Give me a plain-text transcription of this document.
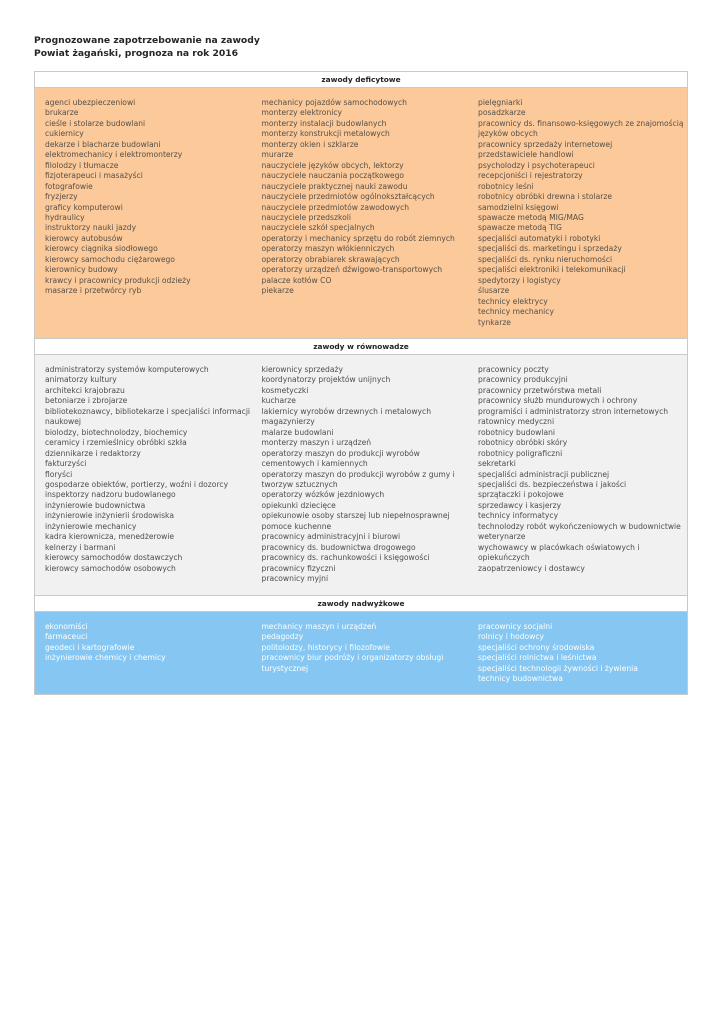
Prognozowane zapotrzebowanie na zawody
Powiat żagański, prognoza na rok 2016
zawody deficytowe
agenci ubezpieczeniowi
brukarze
cieśle i stolarze budowlani
cukiernicy
dekarze i blacharze budowlani
elektromechanicy i elektromonterzy
filolodzy i tłumacze
fizjoterapeuci i masażyści
fotografowie
fryzjerzy
graficy komputerowi
hydraulicy
instruktorzy nauki jazdy
kierowcy autobusów
kierowcy ciągnika siodłowego
kierowcy samochodu ciężarowego
kierownicy budowy
krawcy i pracownicy produkcji odzieży
masarze i przetwórcy ryb
mechanicy pojazdów samochodowych
monterzy elektronicy
monterzy instalacji budowlanych
monterzy konstrukcji metalowych
monterzy okien i szklarze
murarze
nauczyciele języków obcych, lektorzy
nauczyciele nauczania początkowego
nauczyciele praktycznej nauki zawodu
nauczyciele przedmiotów ogólnokształcących
nauczyciele przedmiotów zawodowych
nauczyciele przedszkoli
nauczyciele szkół specjalnych
operatorzy i mechanicy sprzętu do robót ziemnych
operatorzy maszyn włókienniczych
operatorzy obrabiarek skrawających
operatorzy urządzeń dźwigowo-transportowych
palacze kotłów CO
piekarze
pielęgniarki
posadzkarze
pracownicy ds. finansowo-księgowych ze znajomością języków obcych
pracownicy sprzedaży internetowej
przedstawiciele handlowi
psycholodzy i psychoterapeuci
recepcjoniści i rejestratorzy
robotnicy leśni
robotnicy obróbki drewna i stolarze
samodzielni księgowi
spawacze metodą MIG/MAG
spawacze metodą TIG
specjaliści automatyki i robotyki
specjaliści ds. marketingu i sprzedaży
specjaliści ds. rynku nieruchomości
specjaliści elektroniki i telekomunikacji
spedytorzy i logistycy
ślusarze
technicy elektrycy
technicy mechanicy
tynkarze
zawody w równowadze
administratorzy systemów komputerowych
animatorzy kultury
architekci krajobrazu
betoniarze i zbrojarze
bibliotekoznawcy, bibliotekarze i specjaliści informacji naukowej
biolodzy, biotechnolodzy, biochemicy
ceramicy i rzemieślnicy obróbki szkła
dziennikarze i redaktorzy
fakturzyści
floryści
gospodarze obiektów, portierzy, woźni i dozorcy
inspektorzy nadzoru budowlanego
inżynierowie budownictwa
inżynierowie inżynierii środowiska
inżynierowie mechanicy
kadra kierownicza, menedżerowie
kelnerzy i barmani
kierowcy samochodów dostawczych
kierowcy samochodów osobowych
kierownicy sprzedaży
koordynatorzy projektów unijnych
kosmetyczki
kucharze
lakiernicy wyrobów drzewnych i metalowych
magazynierzy
malarze budowlani
monterzy maszyn i urządzeń
operatorzy maszyn do produkcji wyrobów cementowych i kamiennych
operatorzy maszyn do produkcji wyrobów z gumy i tworzyw sztucznych
operatorzy wózków jezdniowych
opiekunki dziecięce
opiekunowie osoby starszej lub niepełnosprawnej
pomoce kuchenne
pracownicy administracyjni i biurowi
pracownicy ds. budownictwa drogowego
pracownicy ds. rachunkowości i księgowości
pracownicy fizyczni
pracownicy myjni
pracownicy poczty
pracownicy produkcyjni
pracownicy przetwórstwa metali
pracownicy służb mundurowych i ochrony
programiści i administratorzy stron internetowych
ratownicy medyczni
robotnicy budowlani
robotnicy obróbki skóry
robotnicy poligraficzni
sekretarki
specjaliści administracji publicznej
specjaliści ds. bezpieczeństwa i jakości
sprzątaczki i pokojowe
sprzedawcy i kasjerzy
technicy informatycy
technolodzy robót wykończeniowych w budownictwie
weterynarze
wychowawcy w placówkach oświatowych i opiekuńczych
zaopatrzeniowcy i dostawcy
zawody nadwyżkowe
ekonomiści
farmaceuci
geodeci i kartografowie
inżynierowie chemicy i chemicy
mechanicy maszyn i urządzeń
pedagodzy
politolodzy, historycy i filozofowie
pracownicy biur podróży i organizatorzy obsługi turystycznej
pracownicy socjalni
rolnicy i hodowcy
specjaliści ochrony środowiska
specjaliści rolnictwa i leśnictwa
specjaliści technologii żywności i żywienia
technicy budownictwa
